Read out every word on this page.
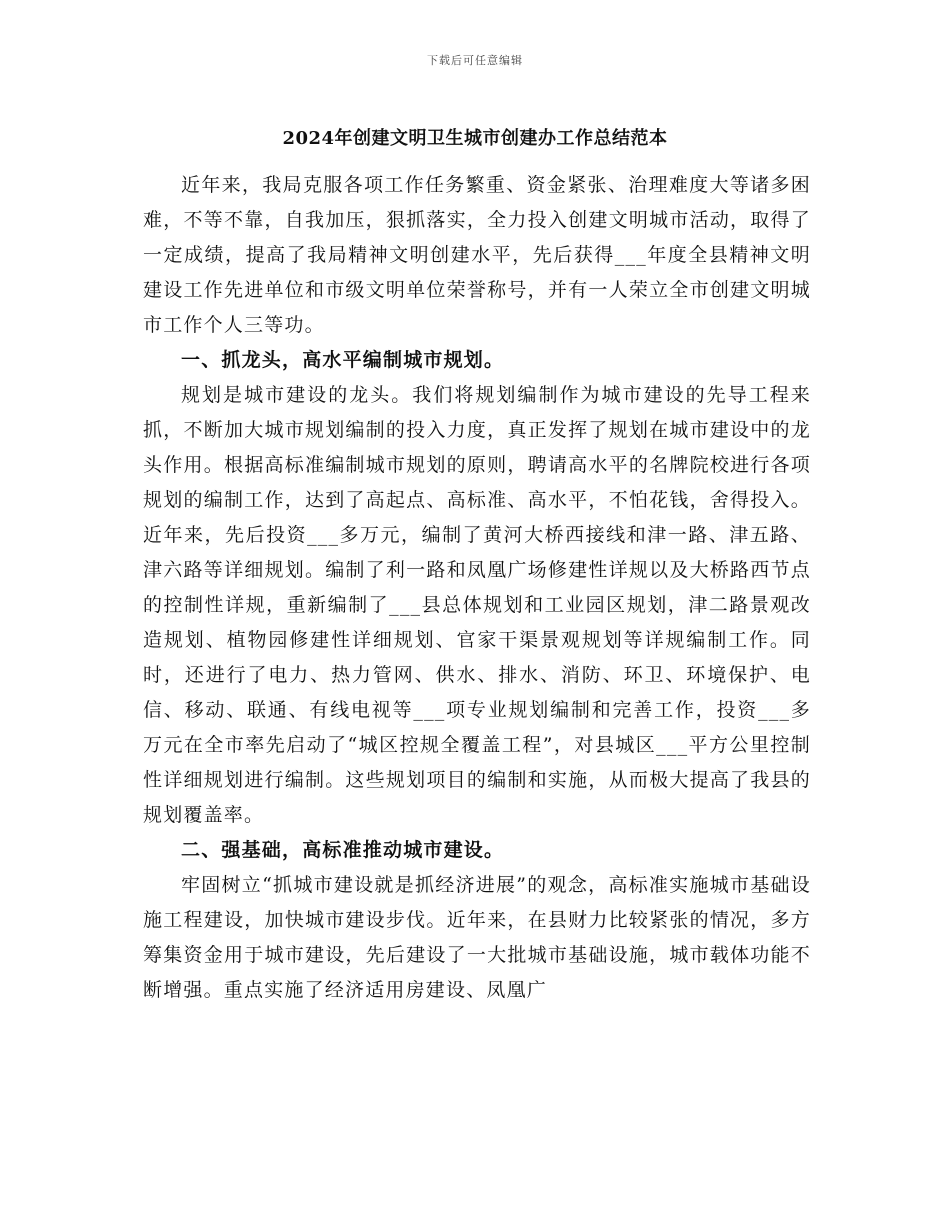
下载后可任意编辑
2024年创建文明卫生城市创建办工作总结范本

近年来，我局克服各项工作任务繁重、资金紧张、治理难度大等诸多困难，不等不靠，自我加压，狠抓落实，全力投入创建文明城市活动，取得了一定成绩，提高了我局精神文明创建水平，先后获得___年度全县精神文明建设工作先进单位和市级文明单位荣誉称号，并有一人荣立全市创建文明城市工作个人三等功。

一、抓龙头，高水平编制城市规划。

规划是城市建设的龙头。我们将规划编制作为城市建设的先导工程来抓，不断加大城市规划编制的投入力度，真正发挥了规划在城市建设中的龙头作用。根据高标准编制城市规划的原则，聘请高水平的名牌院校进行各项规划的编制工作，达到了高起点、高标准、高水平，不怕花钱，舍得投入。近年来，先后投资___多万元，编制了黄河大桥西接线和津一路、津五路、津六路等详细规划。编制了利一路和凤凰广场修建性详规以及大桥路西节点的控制性详规，重新编制了___县总体规划和工业园区规划，津二路景观改造规划、植物园修建性详细规划、官家干渠景观规划等详规编制工作。同时，还进行了电力、热力管网、供水、排水、消防、环卫、环境保护、电信、移动、联通、有线电视等___项专业规划编制和完善工作，投资___多万元在全市率先启动了“城区控规全覆盖工程”，对县城区___平方公里控制性详细规划进行编制。这些规划项目的编制和实施，从而极大提高了我县的规划覆盖率。

二、强基础，高标准推动城市建设。

牢固树立“抓城市建设就是抓经济进展”的观念，高标准实施城市基础设施工程建设，加快城市建设步伐。近年来，在县财力比较紧张的情况，多方筹集资金用于城市建设，先后建设了一大批城市基础设施，城市载体功能不断增强。重点实施了经济适用房建设、凤凰广
